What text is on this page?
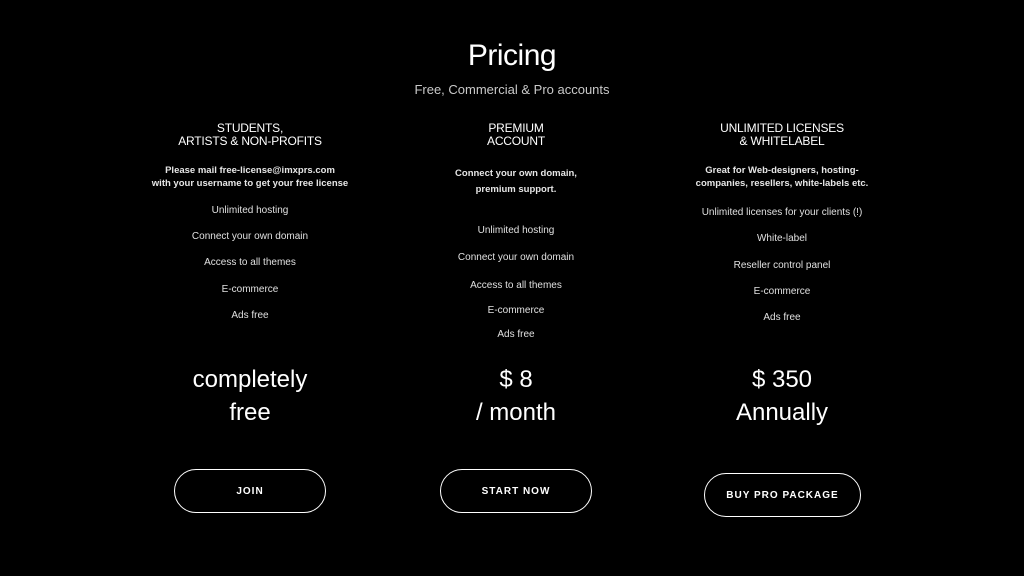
Pricing
Free, Commercial & Pro accounts
STUDENTS,
ARTISTS & NON-PROFITS
Please mail free-license@imxprs.com
with your username to get your free license
Unlimited hosting
Connect your own domain
Access to all themes
E-commerce
Ads free
completely
free
JOIN
PREMIUM
ACCOUNT
Connect your own domain,
premium support.
Unlimited hosting
Connect your own domain
Access to all themes
E-commerce
Ads free
$ 8
/ month
START NOW
UNLIMITED LICENSES
& WHITELABEL
Great for Web-designers, hosting-
companies, resellers, white-labels etc.
Unlimited licenses for your clients (!)
White-label
Reseller control panel
E-commerce
Ads free
$ 350
Annually
BUY PRO PACKAGE
